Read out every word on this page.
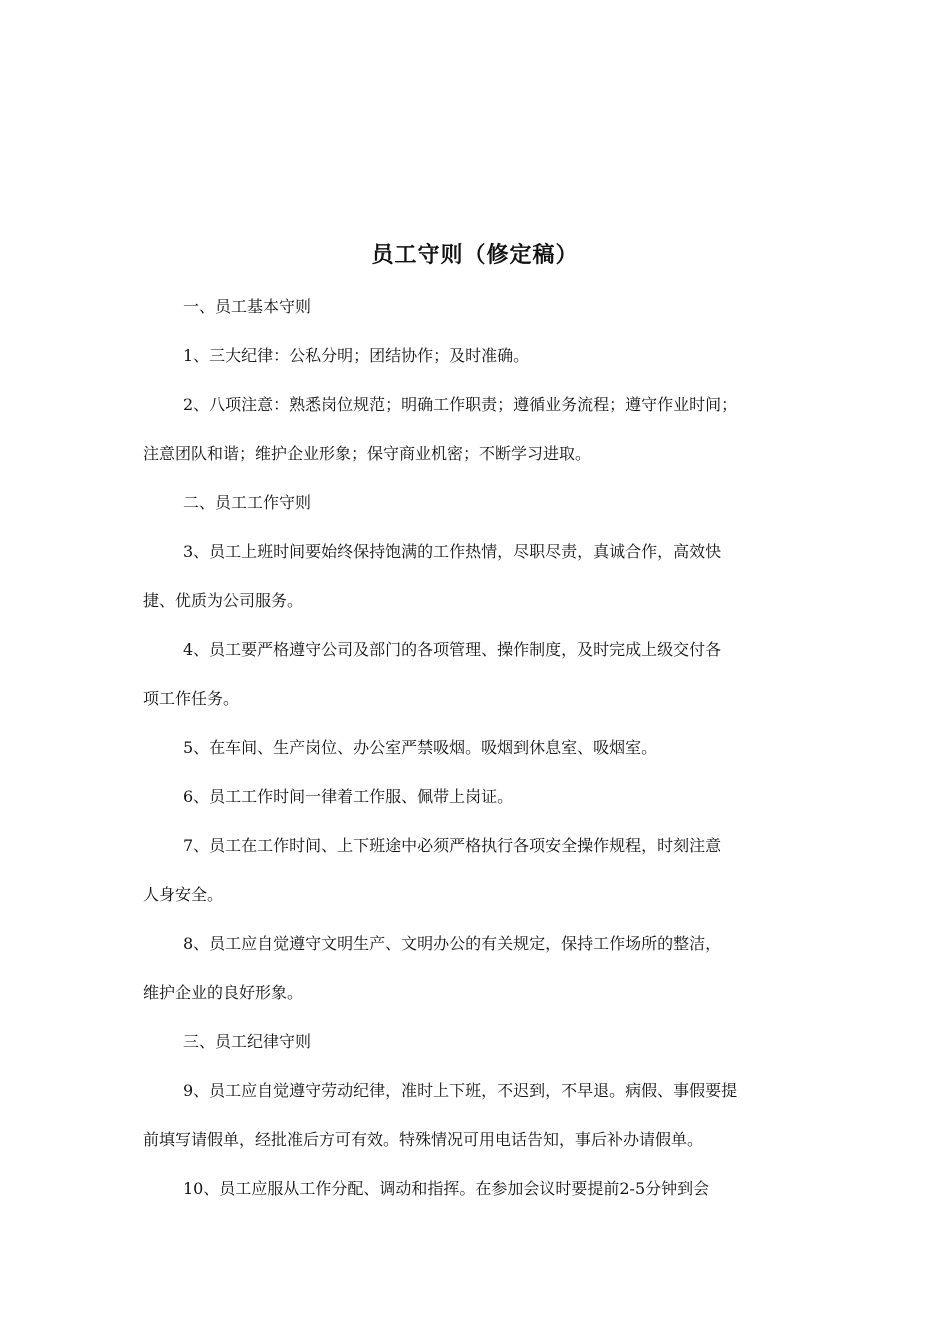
员工守则（修定稿）
一、员工基本守则
1、三大纪律：公私分明；团结协作；及时准确。
2、八项注意：熟悉岗位规范；明确工作职责；遵循业务流程；遵守作业时间；
注意团队和谐；维护企业形象；保守商业机密；不断学习进取。
二、员工工作守则
3、员工上班时间要始终保持饱满的工作热情，尽职尽责，真诚合作，高效快
捷、优质为公司服务。
4、员工要严格遵守公司及部门的各项管理、操作制度，及时完成上级交付各
项工作任务。
5、在车间、生产岗位、办公室严禁吸烟。吸烟到休息室、吸烟室。
6、员工工作时间一律着工作服、佩带上岗证。
7、员工在工作时间、上下班途中必须严格执行各项安全操作规程，时刻注意
人身安全。
8、员工应自觉遵守文明生产、文明办公的有关规定，保持工作场所的整洁，
维护企业的良好形象。
三、员工纪律守则
9、员工应自觉遵守劳动纪律，准时上下班，不迟到，不早退。病假、事假要提
前填写请假单，经批准后方可有效。特殊情况可用电话告知，事后补办请假单。
10、员工应服从工作分配、调动和指挥。在参加会议时要提前2-5分钟到会
